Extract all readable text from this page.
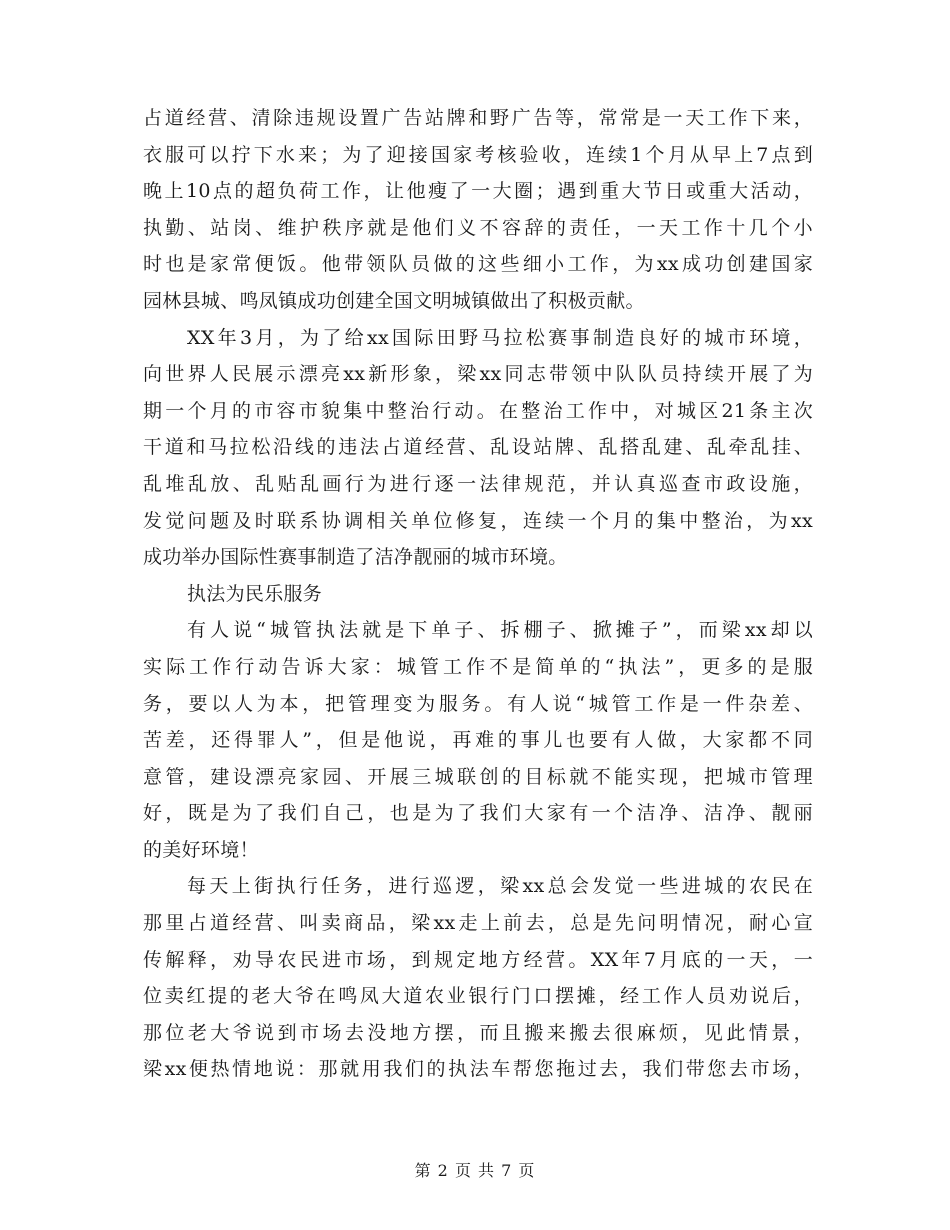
占道经营、清除违规设置广告站牌和野广告等，常常是一天工作下来，
衣服可以拧下水来；为了迎接国家考核验收，连续1个月从早上7点到
晚上10点的超负荷工作，让他瘦了一大圈；遇到重大节日或重大活动，
执勤、站岗、维护秩序就是他们义不容辞的责任，一天工作十几个小
时也是家常便饭。他带领队员做的这些细小工作，为xx成功创建国家
园林县城、鸣凤镇成功创建全国文明城镇做出了积极贡献。
XX年3月，为了给xx国际田野马拉松赛事制造良好的城市环境，
向世界人民展示漂亮xx新形象，梁xx同志带领中队队员持续开展了为
期一个月的市容市貌集中整治行动。在整治工作中，对城区21条主次
干道和马拉松沿线的违法占道经营、乱设站牌、乱搭乱建、乱牵乱挂、
乱堆乱放、乱贴乱画行为进行逐一法律规范，并认真巡查市政设施，
发觉问题及时联系协调相关单位修复，连续一个月的集中整治，为xx
成功举办国际性赛事制造了洁净靓丽的城市环境。
执法为民乐服务
有人说“城管执法就是下单子、拆棚子、掀摊子”，而梁xx却以
实际工作行动告诉大家：城管工作不是简单的“执法”，更多的是服
务，要以人为本，把管理变为服务。有人说“城管工作是一件杂差、
苦差，还得罪人”，但是他说，再难的事儿也要有人做，大家都不同
意管，建设漂亮家园、开展三城联创的目标就不能实现，把城市管理
好，既是为了我们自己，也是为了我们大家有一个洁净、洁净、靓丽
的美好环境！
每天上街执行任务，进行巡逻，梁xx总会发觉一些进城的农民在
那里占道经营、叫卖商品，梁xx走上前去，总是先问明情况，耐心宣
传解释，劝导农民进市场，到规定地方经营。XX年7月底的一天，一
位卖红提的老大爷在鸣凤大道农业银行门口摆摊，经工作人员劝说后，
那位老大爷说到市场去没地方摆，而且搬来搬去很麻烦，见此情景，
梁xx便热情地说：那就用我们的执法车帮您拖过去，我们带您去市场，
第 2 页 共 7 页
